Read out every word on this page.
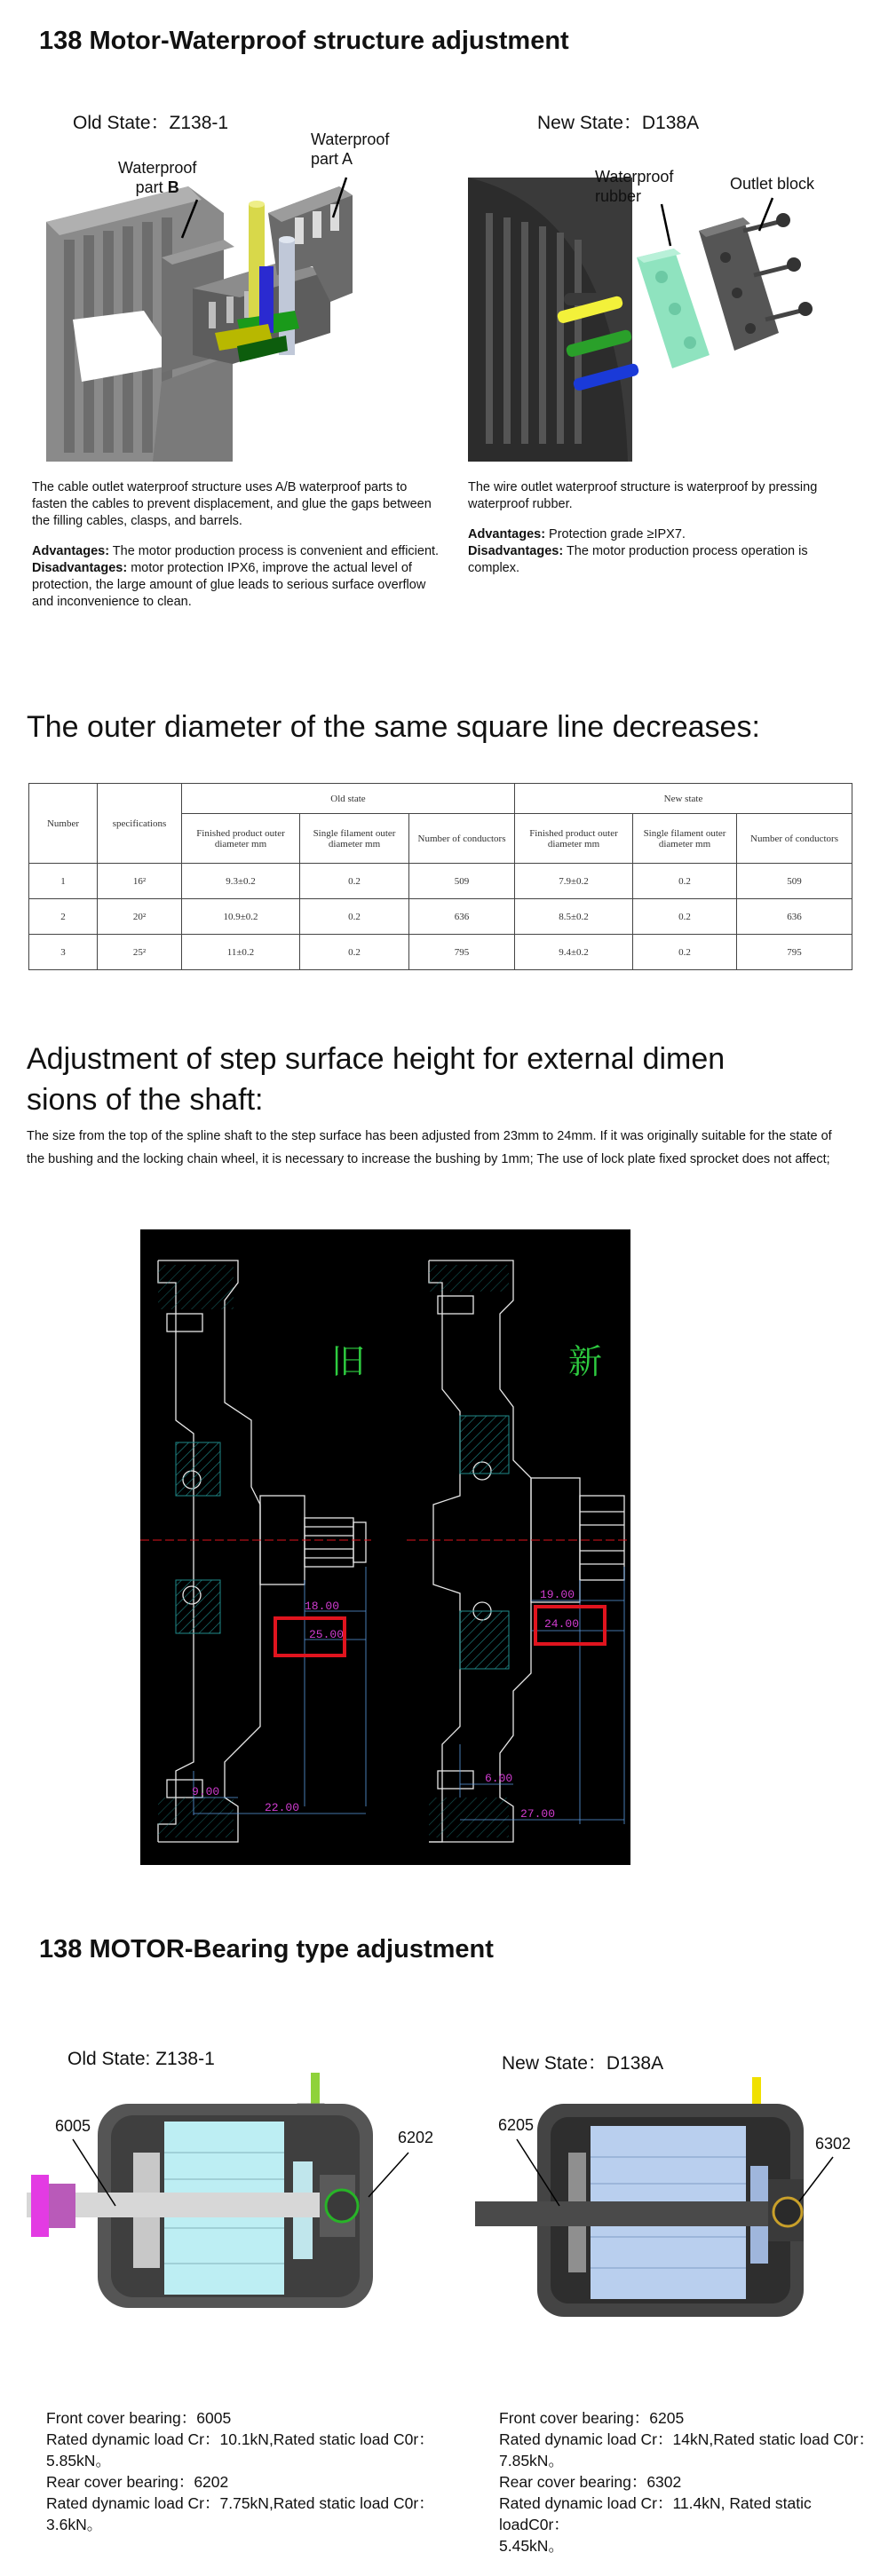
138 Motor-Waterproof structure adjustment
Old State：Z138-1	New State：D138A
Waterproof
part B
Waterproof
part A
Waterproof
rubber
Outlet block
The cable outlet waterproof structure uses A/B waterproof parts to fasten the cables to prevent displacement, and glue the gaps between the filling cables, clasps, and barrels.
Advantages: The motor production process is convenient and efficient.
Disadvantages: motor protection IPX6, improve the actual level of protection, the large amount of glue leads to serious surface overflow and inconvenience to clean.
The wire outlet waterproof structure is waterproof by pressing waterproof rubber.
Advantages: Protection grade ≥IPX7.
Disadvantages: The motor production process operation is complex.
The outer diameter of the same square line decreases:
Number	specifications	Old state			New state		
		Finished product outer diameter mm	Single filament outer diameter mm	Number of conductors	Finished product outer diameter mm	Single filament outer diameter mm	Number of conductors
1	16²	9.3±0.2	0.2	509	7.9±0.2	0.2	509
2	20²	10.9±0.2	0.2	636	8.5±0.2	0.2	636
3	25²	11±0.2	0.2	795	9.4±0.2	0.2	795
Adjustment of step surface height for external dimen
sions of the shaft:
The size from the top of the spline shaft to the step surface has been adjusted from 23mm to 24mm. If it was originally suitable for the state of the bushing and the locking chain wheel, it is necessary to increase the bushing by 1mm; The use of lock plate fixed sprocket does not affect;
18.00
25.00
9.00
22.00
旧
19.00
24.00
6.00
27.00
新
138 MOTOR-Bearing type adjustment
Old State: Z138-1	New State：D138A
6005
6202
6205
6302
Front cover bearing：6005
Rated dynamic load Cr：10.1kN,Rated static load C0r：
5.85kN。
Rear cover bearing：6202
Rated dynamic load Cr：7.75kN,Rated static load C0r：
3.6kN。
Front cover bearing：6205
Rated dynamic load Cr：14kN,Rated static load C0r：
7.85kN。
Rear cover bearing：6302
Rated dynamic load Cr：11.4kN, Rated static loadC0r：
5.45kN。
